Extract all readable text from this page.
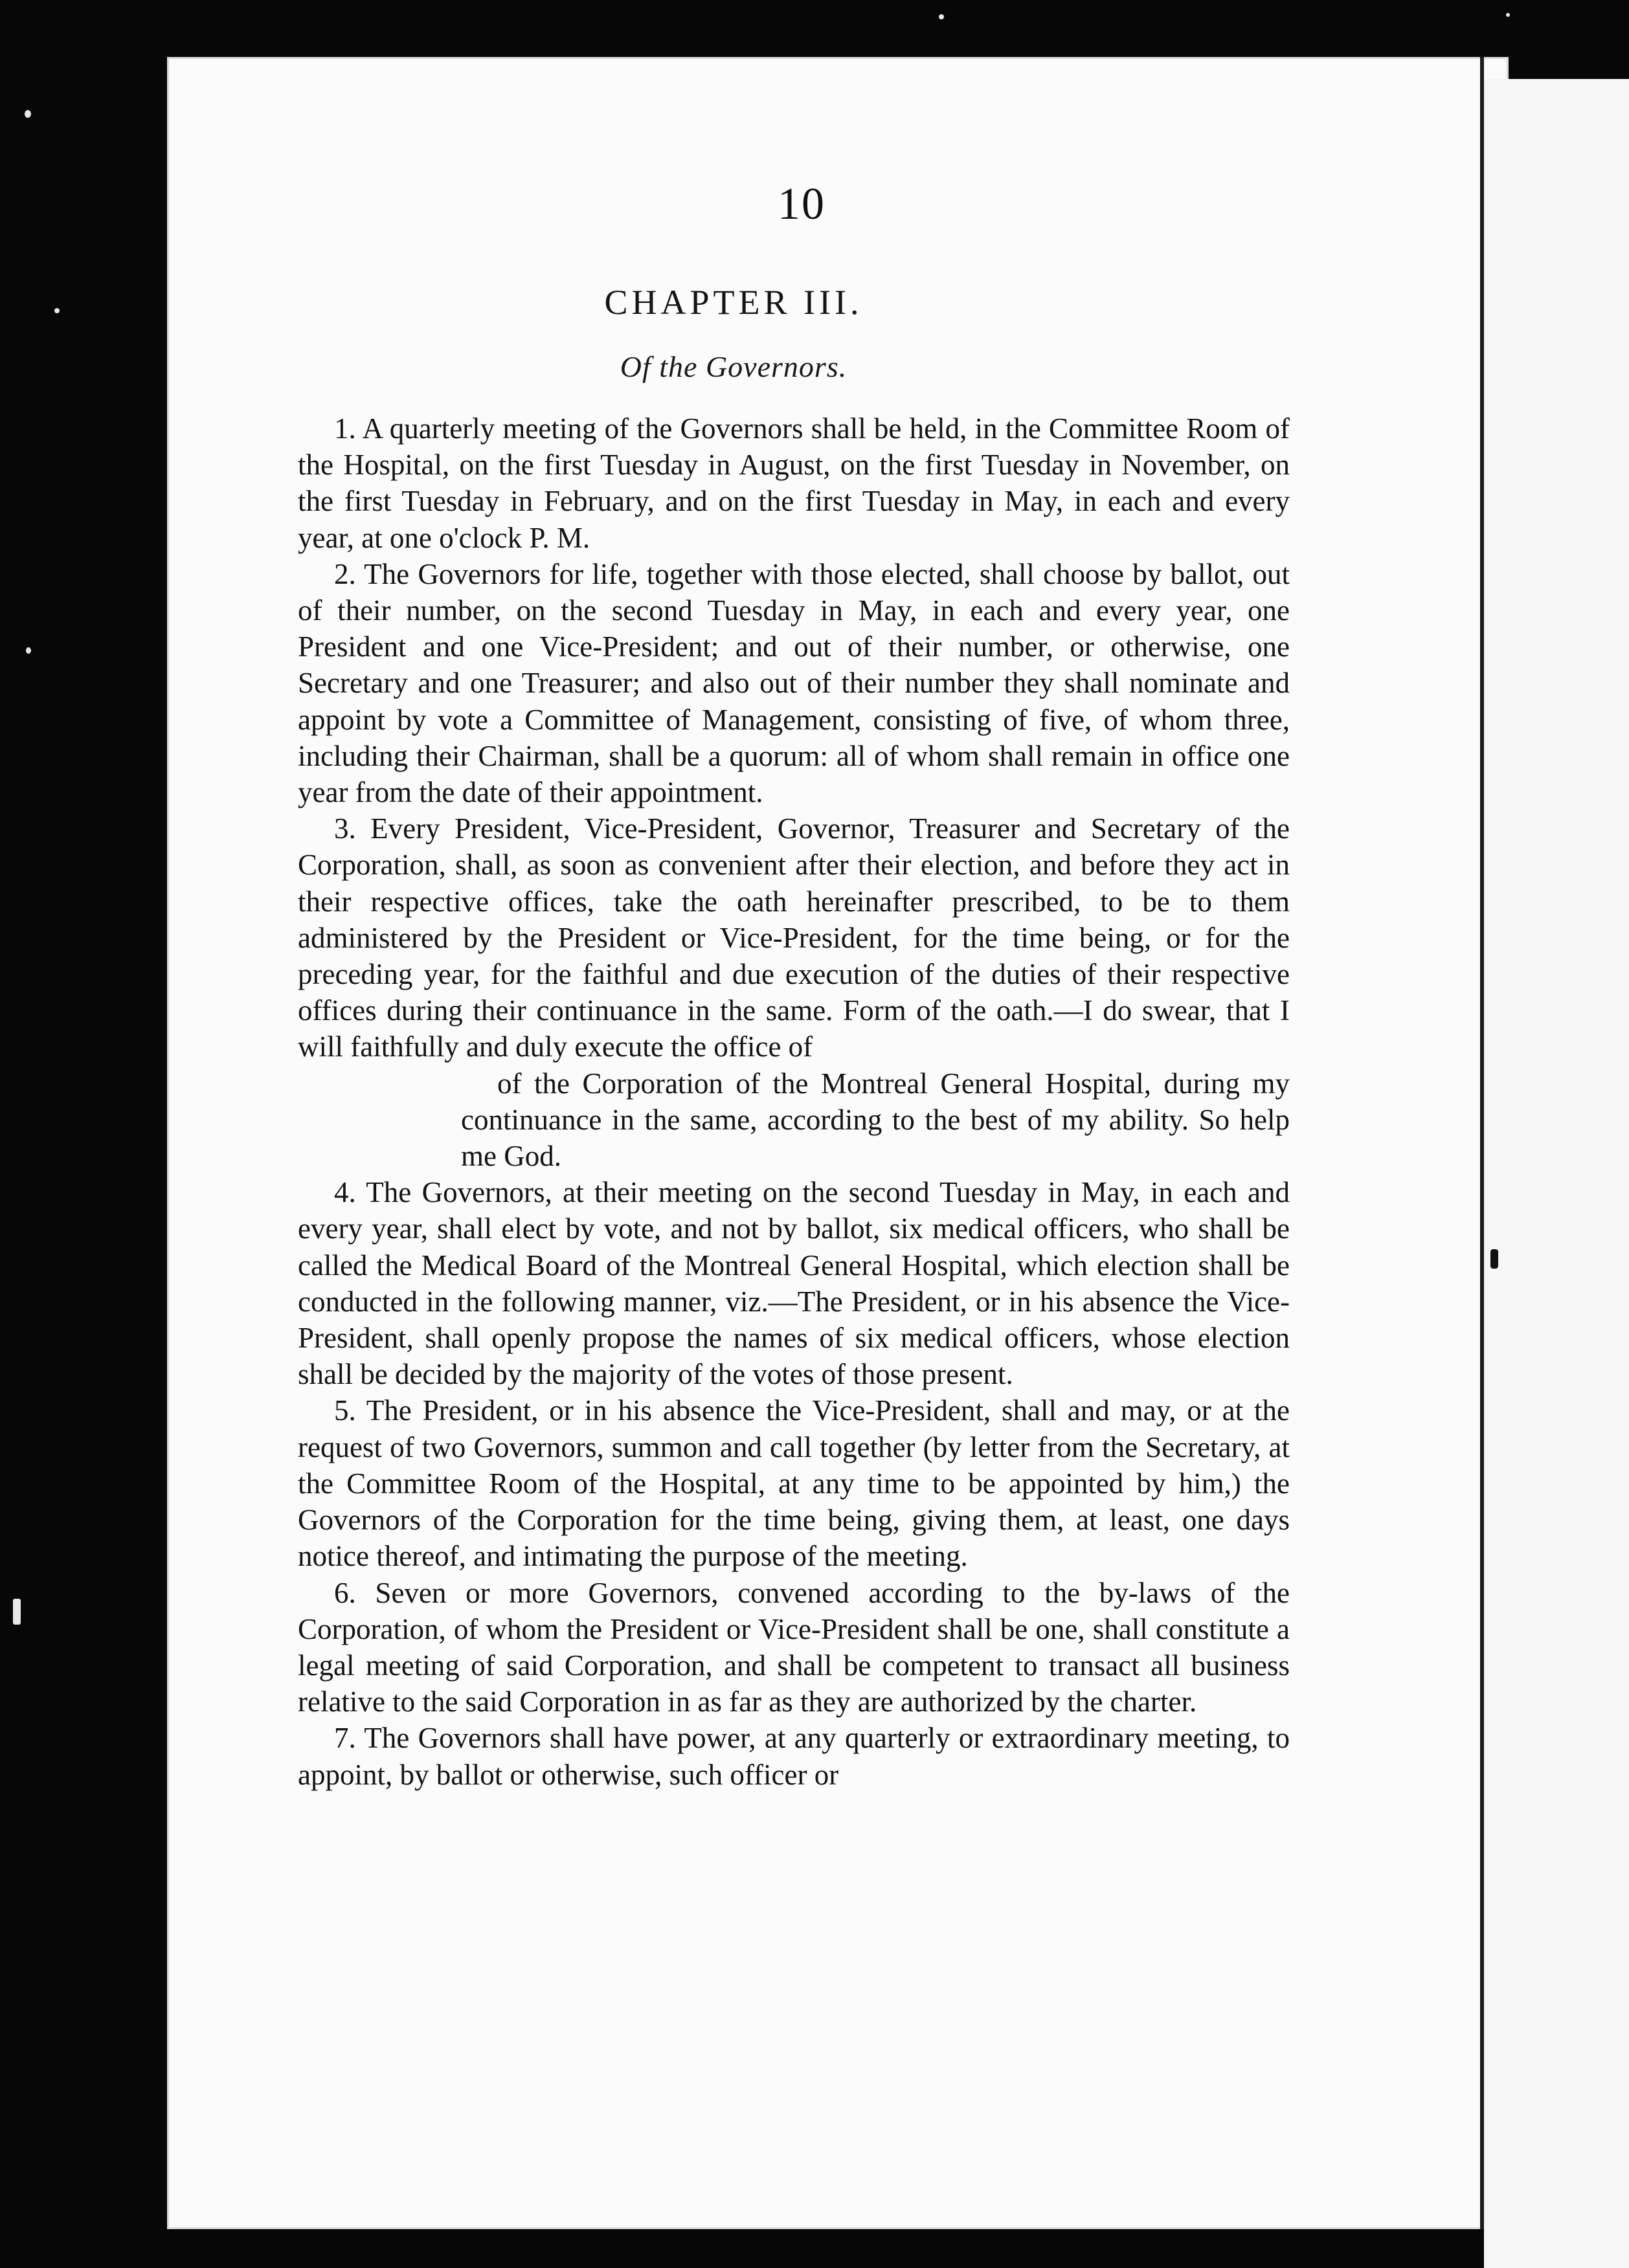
10
CHAPTER III.
Of the Governors.

1. A quarterly meeting of the Governors shall be held, in the Committee Room of the Hospital, on the first Tuesday in August, on the first Tuesday in November, on the first Tuesday in February, and on the first Tuesday in May, in each and every year, at one o'clock P. M.

2. The Governors for life, together with those elected, shall choose by ballot, out of their number, on the second Tuesday in May, in each and every year, one President and one Vice-President; and out of their number, or otherwise, one Secretary and one Treasurer; and also out of their number they shall nominate and appoint by vote a Committee of Management, consisting of five, of whom three, including their Chairman, shall be a quorum: all of whom shall remain in office one year from the date of their appointment.

3. Every President, Vice-President, Governor, Treasurer and Secretary of the Corporation, shall, as soon as convenient after their election, and before they act in their respective offices, take the oath hereinafter prescribed, to be to them administered by the President or Vice-President, for the time being, or for the preceding year, for the faithful and due execution of the duties of their respective offices during their continuance in the same. Form of the oath.—I do swear, that I will faithfully and duly execute the office of
of the Corporation of the Montreal General Hospital, during my continuance in the same, according to the best of my ability. So help me God.

4. The Governors, at their meeting on the second Tuesday in May, in each and every year, shall elect by vote, and not by ballot, six medical officers, who shall be called the Medical Board of the Montreal General Hospital, which election shall be conducted in the following manner, viz.—The President, or in his absence the Vice-President, shall openly propose the names of six medical officers, whose election shall be decided by the majority of the votes of those present.

5. The President, or in his absence the Vice-President, shall and may, or at the request of two Governors, summon and call together (by letter from the Secretary, at the Committee Room of the Hospital, at any time to be appointed by him,) the Governors of the Corporation for the time being, giving them, at least, one days notice thereof, and intimating the purpose of the meeting.

6. Seven or more Governors, convened according to the by-laws of the Corporation, of whom the President or Vice-President shall be one, shall constitute a legal meeting of said Corporation, and shall be competent to transact all business relative to the said Corporation in as far as they are authorized by the charter.

7. The Governors shall have power, at any quarterly or extraordinary meeting, to appoint, by ballot or otherwise, such officer or
